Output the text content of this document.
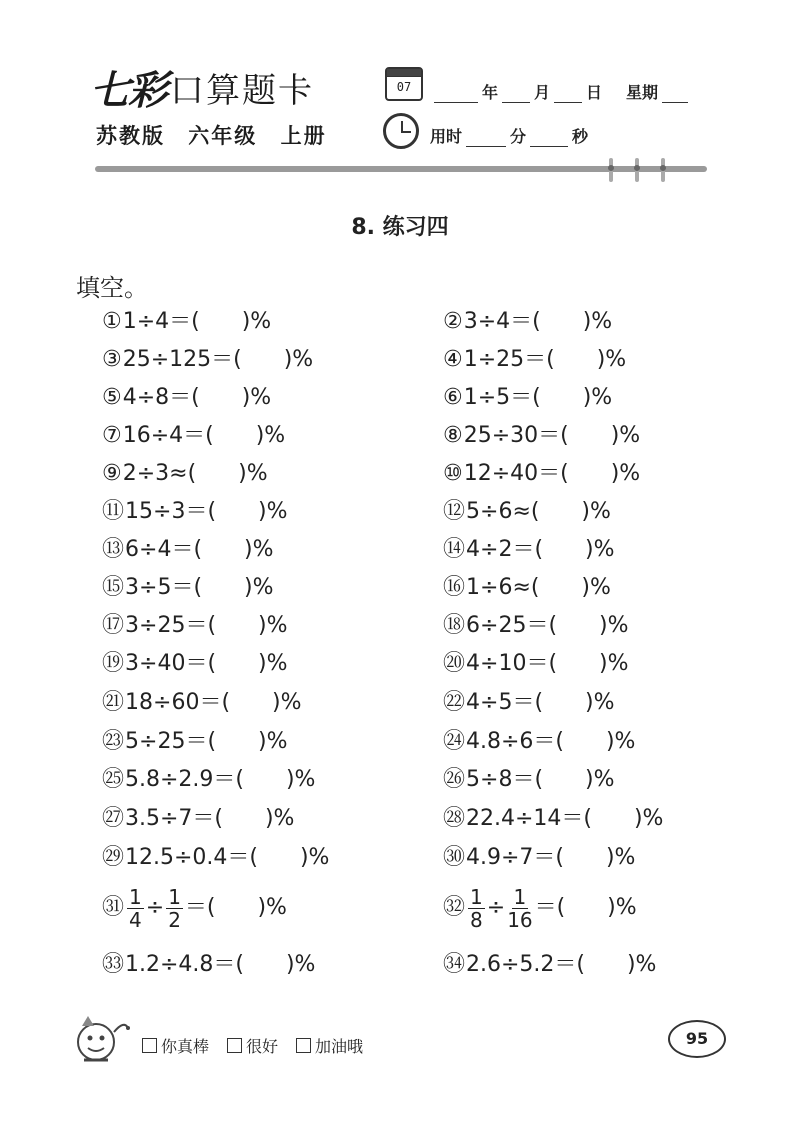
七彩 口算题卡
苏教版 六年级 上册
07	年 月 日 星期
用时	分	秒
8. 练习四
填空。
① 1÷4＝(      )%
③ 25÷125＝(      )%
⑤ 4÷8＝(      )%
⑦ 16÷4＝(      )%
⑨ 2÷3≈(      )%
⑪ 15÷3＝(      )%
⑬ 6÷4＝(      )%
⑮ 3÷5＝(      )%
⑰ 3÷25＝(      )%
⑲ 3÷40＝(      )%
㉑ 18÷60＝(      )%
㉓ 5÷25＝(      )%
㉕ 5.8÷2.9＝(      )%
㉗ 3.5÷7＝(      )%
㉙ 12.5÷0.4＝(      )%
㉛ $\frac{1}{4} \div \frac{1}{2}$ ＝(      )%
㉝ 1.2÷4.8＝(      )%
② 3÷4＝(      )%
④ 1÷25＝(      )%
⑥ 1÷5＝(      )%
⑧ 25÷30＝(      )%
⑩ 12÷40＝(      )%
⑫ 5÷6≈(      )%
⑭ 4÷2＝(      )%
⑯ 1÷6≈(      )%
⑱ 6÷25＝(      )%
⑳ 4÷10＝(      )%
㉒ 4÷5＝(      )%
㉔ 4.8÷6＝(      )%
㉖ 5÷8＝(      )%
㉘ 22.4÷14＝(      )%
㉚ 4.9÷7＝(      )%
㉜ $\frac{1}{8} \div \frac{1}{16}$ ＝(      )%
㉞ 2.6÷5.2＝(      )%
你真棒 很好 加油哦	95
